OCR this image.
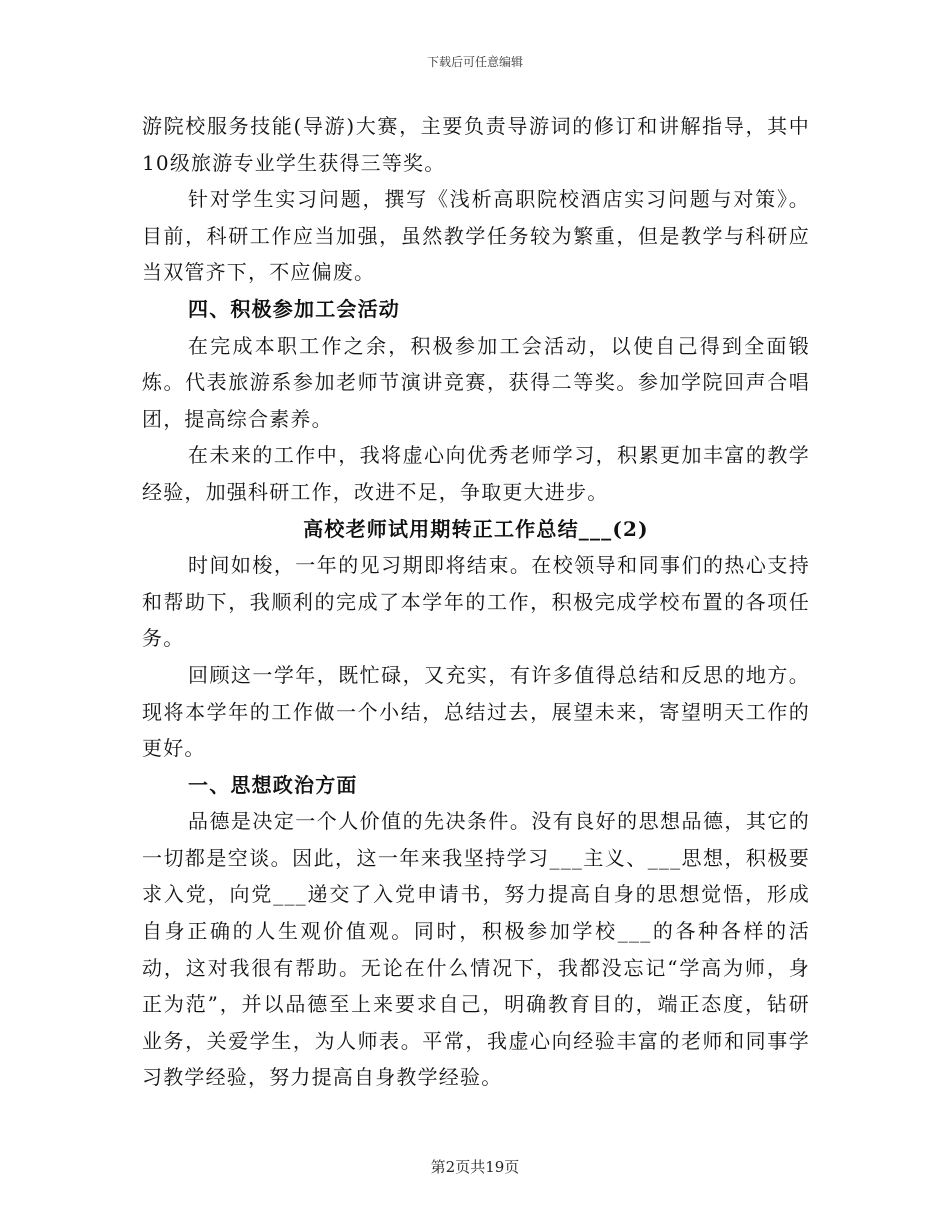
下载后可任意编辑

游院校服务技能(导游)大赛，主要负责导游词的修订和讲解指导，其中10级旅游专业学生获得三等奖。

针对学生实习问题，撰写《浅析高职院校酒店实习问题与对策》。目前，科研工作应当加强，虽然教学任务较为繁重，但是教学与科研应当双管齐下，不应偏废。

四、积极参加工会活动

在完成本职工作之余，积极参加工会活动，以使自己得到全面锻炼。代表旅游系参加老师节演讲竞赛，获得二等奖。参加学院回声合唱团，提高综合素养。

在未来的工作中，我将虚心向优秀老师学习，积累更加丰富的教学经验，加强科研工作，改进不足，争取更大进步。

高校老师试用期转正工作总结___(2)

时间如梭，一年的见习期即将结束。在校领导和同事们的热心支持和帮助下，我顺利的完成了本学年的工作，积极完成学校布置的各项任务。

回顾这一学年，既忙碌，又充实，有许多值得总结和反思的地方。现将本学年的工作做一个小结，总结过去，展望未来，寄望明天工作的更好。

一、思想政治方面

品德是决定一个人价值的先决条件。没有良好的思想品德，其它的一切都是空谈。因此，这一年来我坚持学习___主义、___思想，积极要求入党，向党___递交了入党申请书，努力提高自身的思想觉悟，形成自身正确的人生观价值观。同时，积极参加学校___的各种各样的活动，这对我很有帮助。无论在什么情况下，我都没忘记“学高为师，身正为范”，并以品德至上来要求自己，明确教育目的，端正态度，钻研业务，关爱学生，为人师表。平常，我虚心向经验丰富的老师和同事学习教学经验，努力提高自身教学经验。

第2页共19页
